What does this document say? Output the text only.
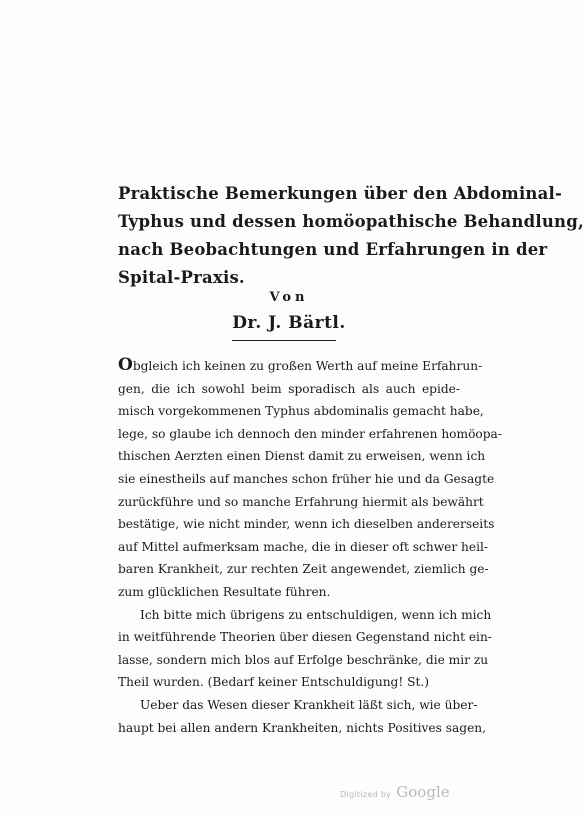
Praktische Bemerkungen über den Abdominal-
Typhus und dessen homöopathische Behandlung,
nach Beobachtungen und Erfahrungen in der
Spital-Praxis.
Von
Dr. J. Bärtl.
Obgleich ich keinen zu großen Werth auf meine Erfahrun-
gen, die ich sowohl beim sporadisch als auch epide-
misch vorgekommenen Typhus abdominalis gemacht habe,
lege, so glaube ich dennoch den minder erfahrenen homöopa-
thischen Aerzten einen Dienst damit zu erweisen, wenn ich
sie einestheils auf manches schon früher hie und da Gesagte
zurückführe und so manche Erfahrung hiermit als bewährt
bestätige, wie nicht minder, wenn ich dieselben andererseits
auf Mittel aufmerksam mache, die in dieser oft schwer heil-
baren Krankheit, zur rechten Zeit angewendet, ziemlich ge-
zum glücklichen Resultate führen.
Ich bitte mich übrigens zu entschuldigen, wenn ich mich
in weitführende Theorien über diesen Gegenstand nicht ein-
lasse, sondern mich blos auf Erfolge beschränke, die mir zu
Theil wurden. (Bedarf keiner Entschuldigung! St.)
Ueber das Wesen dieser Krankheit läßt sich, wie über-
haupt bei allen andern Krankheiten, nichts Positives sagen,
Digitized by Google
